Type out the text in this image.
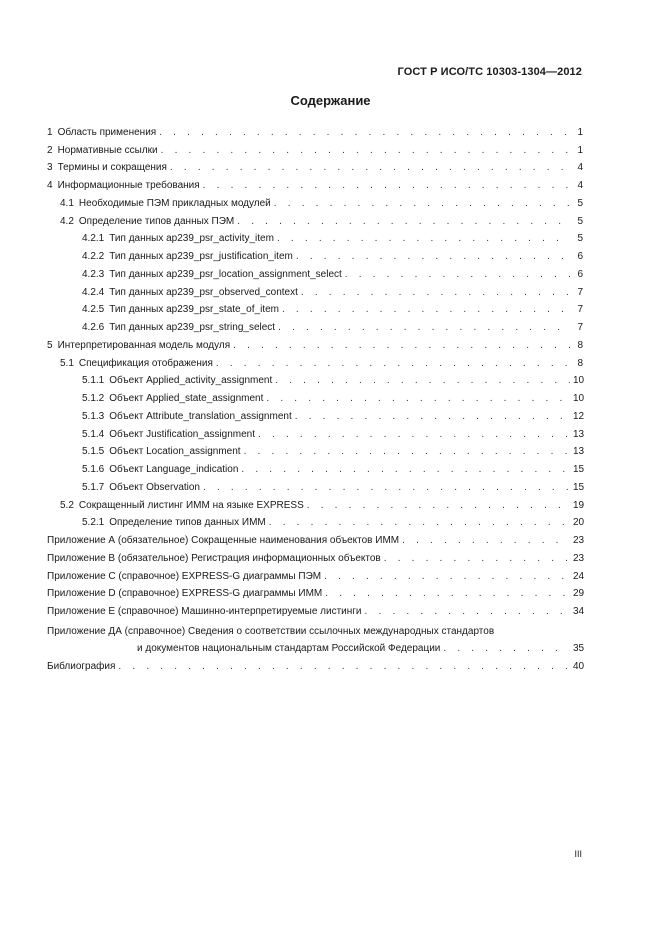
ГОСТ Р ИСО/ТС 10303-1304—2012
Содержание
1 Область применения . . .	1
2 Нормативные ссылки . . .	1
3 Термины и сокращения . . .	4
4 Информационные требования . . .	4
4.1 Необходимые ПЭМ прикладных модулей . . .	5
4.2 Определение типов данных ПЭМ . . .	5
4.2.1 Тип данных ap239_psr_activity_item . . .	5
4.2.2 Тип данных ap239_psr_justification_item . . .	6
4.2.3 Тип данных ap239_psr_location_assignment_select . . .	6
4.2.4 Тип данных ap239_psr_observed_context . . .	7
4.2.5 Тип данных ap239_psr_state_of_item . . .	7
4.2.6 Тип данных ap239_psr_string_select . . .	7
5 Интерпретированная модель модуля . . .	8
5.1 Спецификация отображения . . .	8
5.1.1 Объект Applied_activity_assignment . . .	10
5.1.2 Объект Applied_state_assignment . . .	10
5.1.3 Объект Attribute_translation_assignment . . .	12
5.1.4 Объект Justification_assignment . . .	13
5.1.5 Объект Location_assignment . . .	13
5.1.6 Объект Language_indication . . .	15
5.1.7 Объект Observation . . .	15
5.2 Сокращенный листинг ИММ на языке EXPRESS . . .	19
5.2.1 Определение типов данных ИММ . . .	20
Приложение А (обязательное) Сокращенные наименования объектов ИММ . . .	23
Приложение В (обязательное) Регистрация информационных объектов . . .	23
Приложение С (справочное) EXPRESS-G диаграммы ПЭМ . . .	24
Приложение D (справочное) EXPRESS-G диаграммы ИММ . . .	29
Приложение Е (справочное) Машинно-интерпретируемые листинги . . .	34
Приложение ДА (справочное) Сведения о соответствии ссылочных международных стандартов
и документов национальным стандартам Российской Федерации . . .	35
Библиография . . .	40
III
